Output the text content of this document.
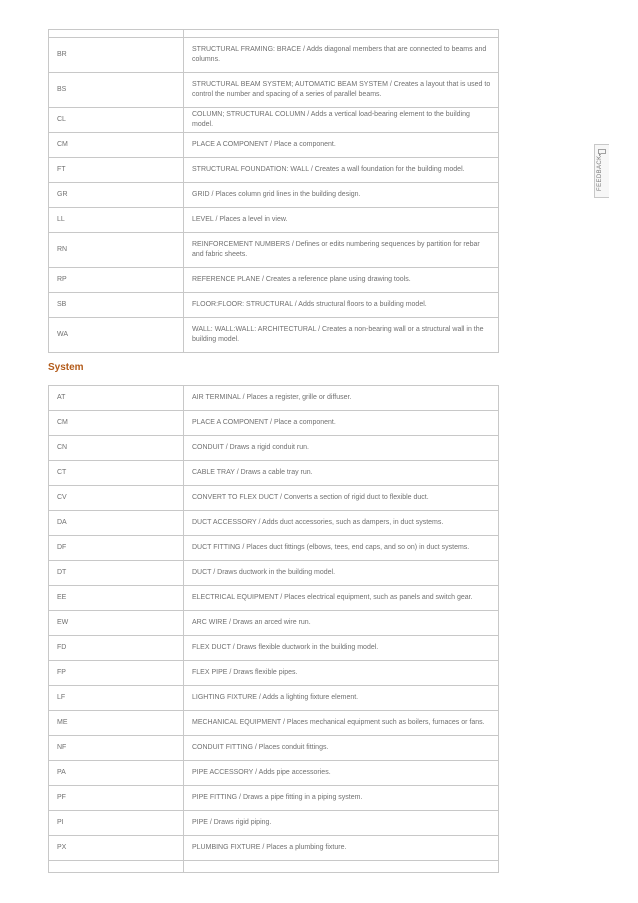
BR	STRUCTURAL FRAMING: BRACE / Adds diagonal members that are connected to beams and columns.
BS	STRUCTURAL BEAM SYSTEM; AUTOMATIC BEAM SYSTEM / Creates a layout that is used to control the number and spacing of a series of parallel beams.
CL	COLUMN; STRUCTURAL COLUMN / Adds a vertical load-bearing element to the building model.
CM	PLACE A COMPONENT / Place a component.
FT	STRUCTURAL FOUNDATION: WALL / Creates a wall foundation for the building model.
GR	GRID / Places column grid lines in the building design.
LL	LEVEL / Places a level in view.
RN	REINFORCEMENT NUMBERS / Defines or edits numbering sequences by partition for rebar and fabric sheets.
RP	REFERENCE PLANE / Creates a reference plane using drawing tools.
SB	FLOOR:FLOOR: STRUCTURAL / Adds structural floors to a building model.
WA	WALL: WALL:WALL: ARCHITECTURAL / Creates a non-bearing wall or a structural wall in the building model.
System
AT	AIR TERMINAL / Places a register, grille or diffuser.
CM	PLACE A COMPONENT / Place a component.
CN	CONDUIT / Draws a rigid conduit run.
CT	CABLE TRAY / Draws a cable tray run.
CV	CONVERT TO FLEX DUCT / Converts a section of rigid duct to flexible duct.
DA	DUCT ACCESSORY / Adds duct accessories, such as dampers, in duct systems.
DF	DUCT FITTING / Places duct fittings (elbows, tees, end caps, and so on) in duct systems.
DT	DUCT / Draws ductwork in the building model.
EE	ELECTRICAL EQUIPMENT / Places electrical equipment, such as panels and switch gear.
EW	ARC WIRE / Draws an arced wire run.
FD	FLEX DUCT / Draws flexible ductwork in the building model.
FP	FLEX PIPE / Draws flexible pipes.
LF	LIGHTING FIXTURE / Adds a lighting fixture element.
ME	MECHANICAL EQUIPMENT / Places mechanical equipment such as boilers, furnaces or fans.
NF	CONDUIT FITTING / Places conduit fittings.
PA	PIPE ACCESSORY / Adds pipe accessories.
PF	PIPE FITTING / Draws a pipe fitting in a piping system.
PI	PIPE / Draws rigid piping.
PX	PLUMBING FIXTURE / Places a plumbing fixture.

FEEDBACK
